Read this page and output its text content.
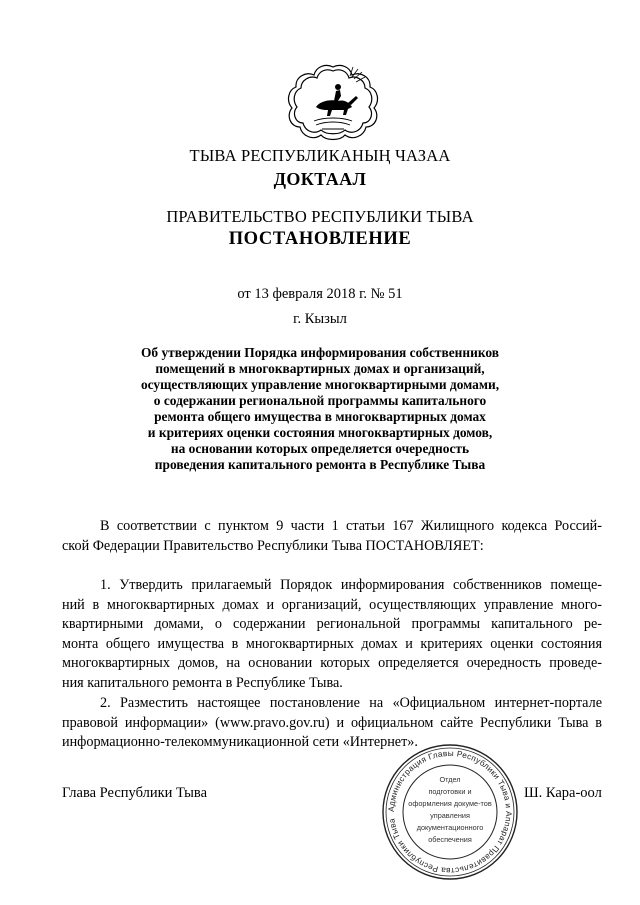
ТЫВА РЕСПУБЛИКАНЫҢ ЧАЗАА
ДОКТААЛ
ПРАВИТЕЛЬСТВО РЕСПУБЛИКИ ТЫВА
ПОСТАНОВЛЕНИЕ
от 13 февраля 2018 г. № 51
г. Кызыл
Об утверждении Порядка информирования собственников
помещений в многоквартирных домах и организаций,
осуществляющих управление многоквартирными домами,
о содержании региональной программы капитального
ремонта общего имущества в многоквартирных домах
и критериях оценки состояния многоквартирных домов,
на основании которых определяется очередность
проведения капитального ремонта в Республике Тыва
В соответствии с пунктом 9 части 1 статьи 167 Жилищного кодекса Россий-
ской Федерации Правительство Республики Тыва ПОСТАНОВЛЯЕТ:
1. Утвердить прилагаемый Порядок информирования собственников помеще-
ний в многоквартирных домах и организаций, осуществляющих управление много-
квартирными домами, о содержании региональной программы капитального ре-
монта общего имущества в многоквартирных домах и критериях оценки состояния
многоквартирных домов, на основании которых определяется очередность проведе-
ния капитального ремонта в Республике Тыва.
2. Разместить настоящее постановление на «Официальном интернет-портале
правовой информации» (www.pravo.gov.ru) и официальном сайте Республики Тыва в
информационно-телекоммуникационной сети «Интернет».
Глава Республики Тыва	Ш. Кара-оол
Администрация Главы Республики Тыва и Аппарат Правительства Республики Тыва
Отдел
подготовки и
оформления докуме-тов
управления
документационного
обеспечения
